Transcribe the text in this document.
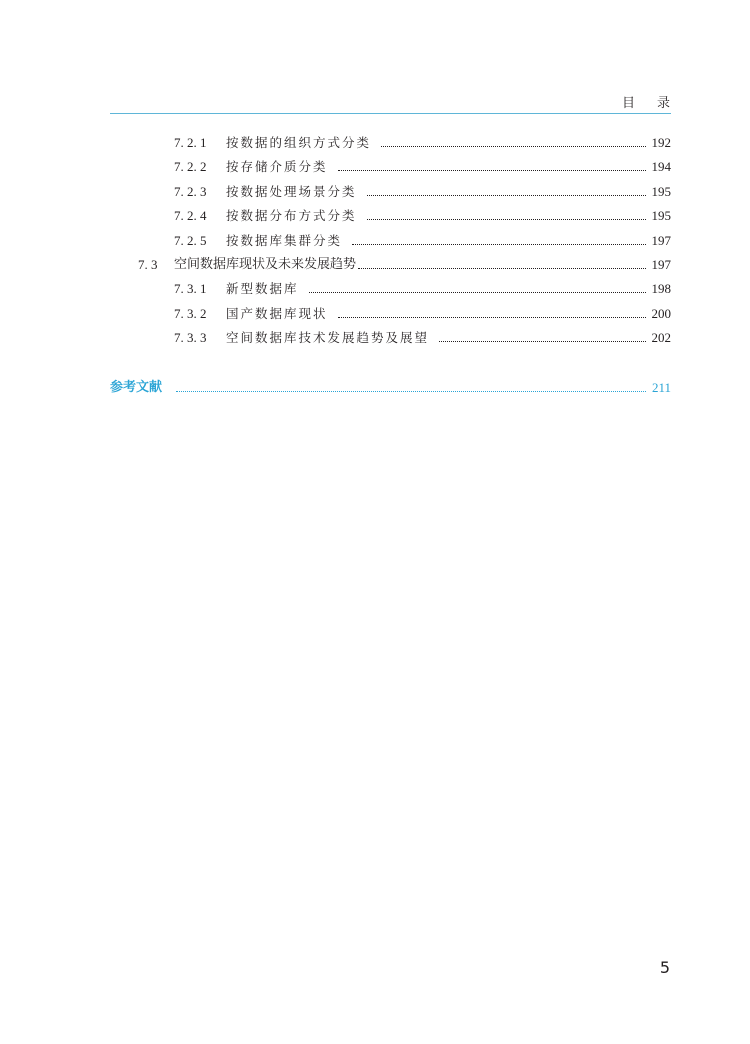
目录
7. 2. 1	按数据的组织方式分类	192
7. 2. 2	按存储介质分类	194
7. 2. 3	按数据处理场景分类	195
7. 2. 4	按数据分布方式分类	195
7. 2. 5	按数据库集群分类	197
7. 3	空间数据库现状及未来发展趋势	197
7. 3. 1	新型数据库	198
7. 3. 2	国产数据库现状	200
7. 3. 3	空间数据库技术发展趋势及展望	202
参考文献	211
5
